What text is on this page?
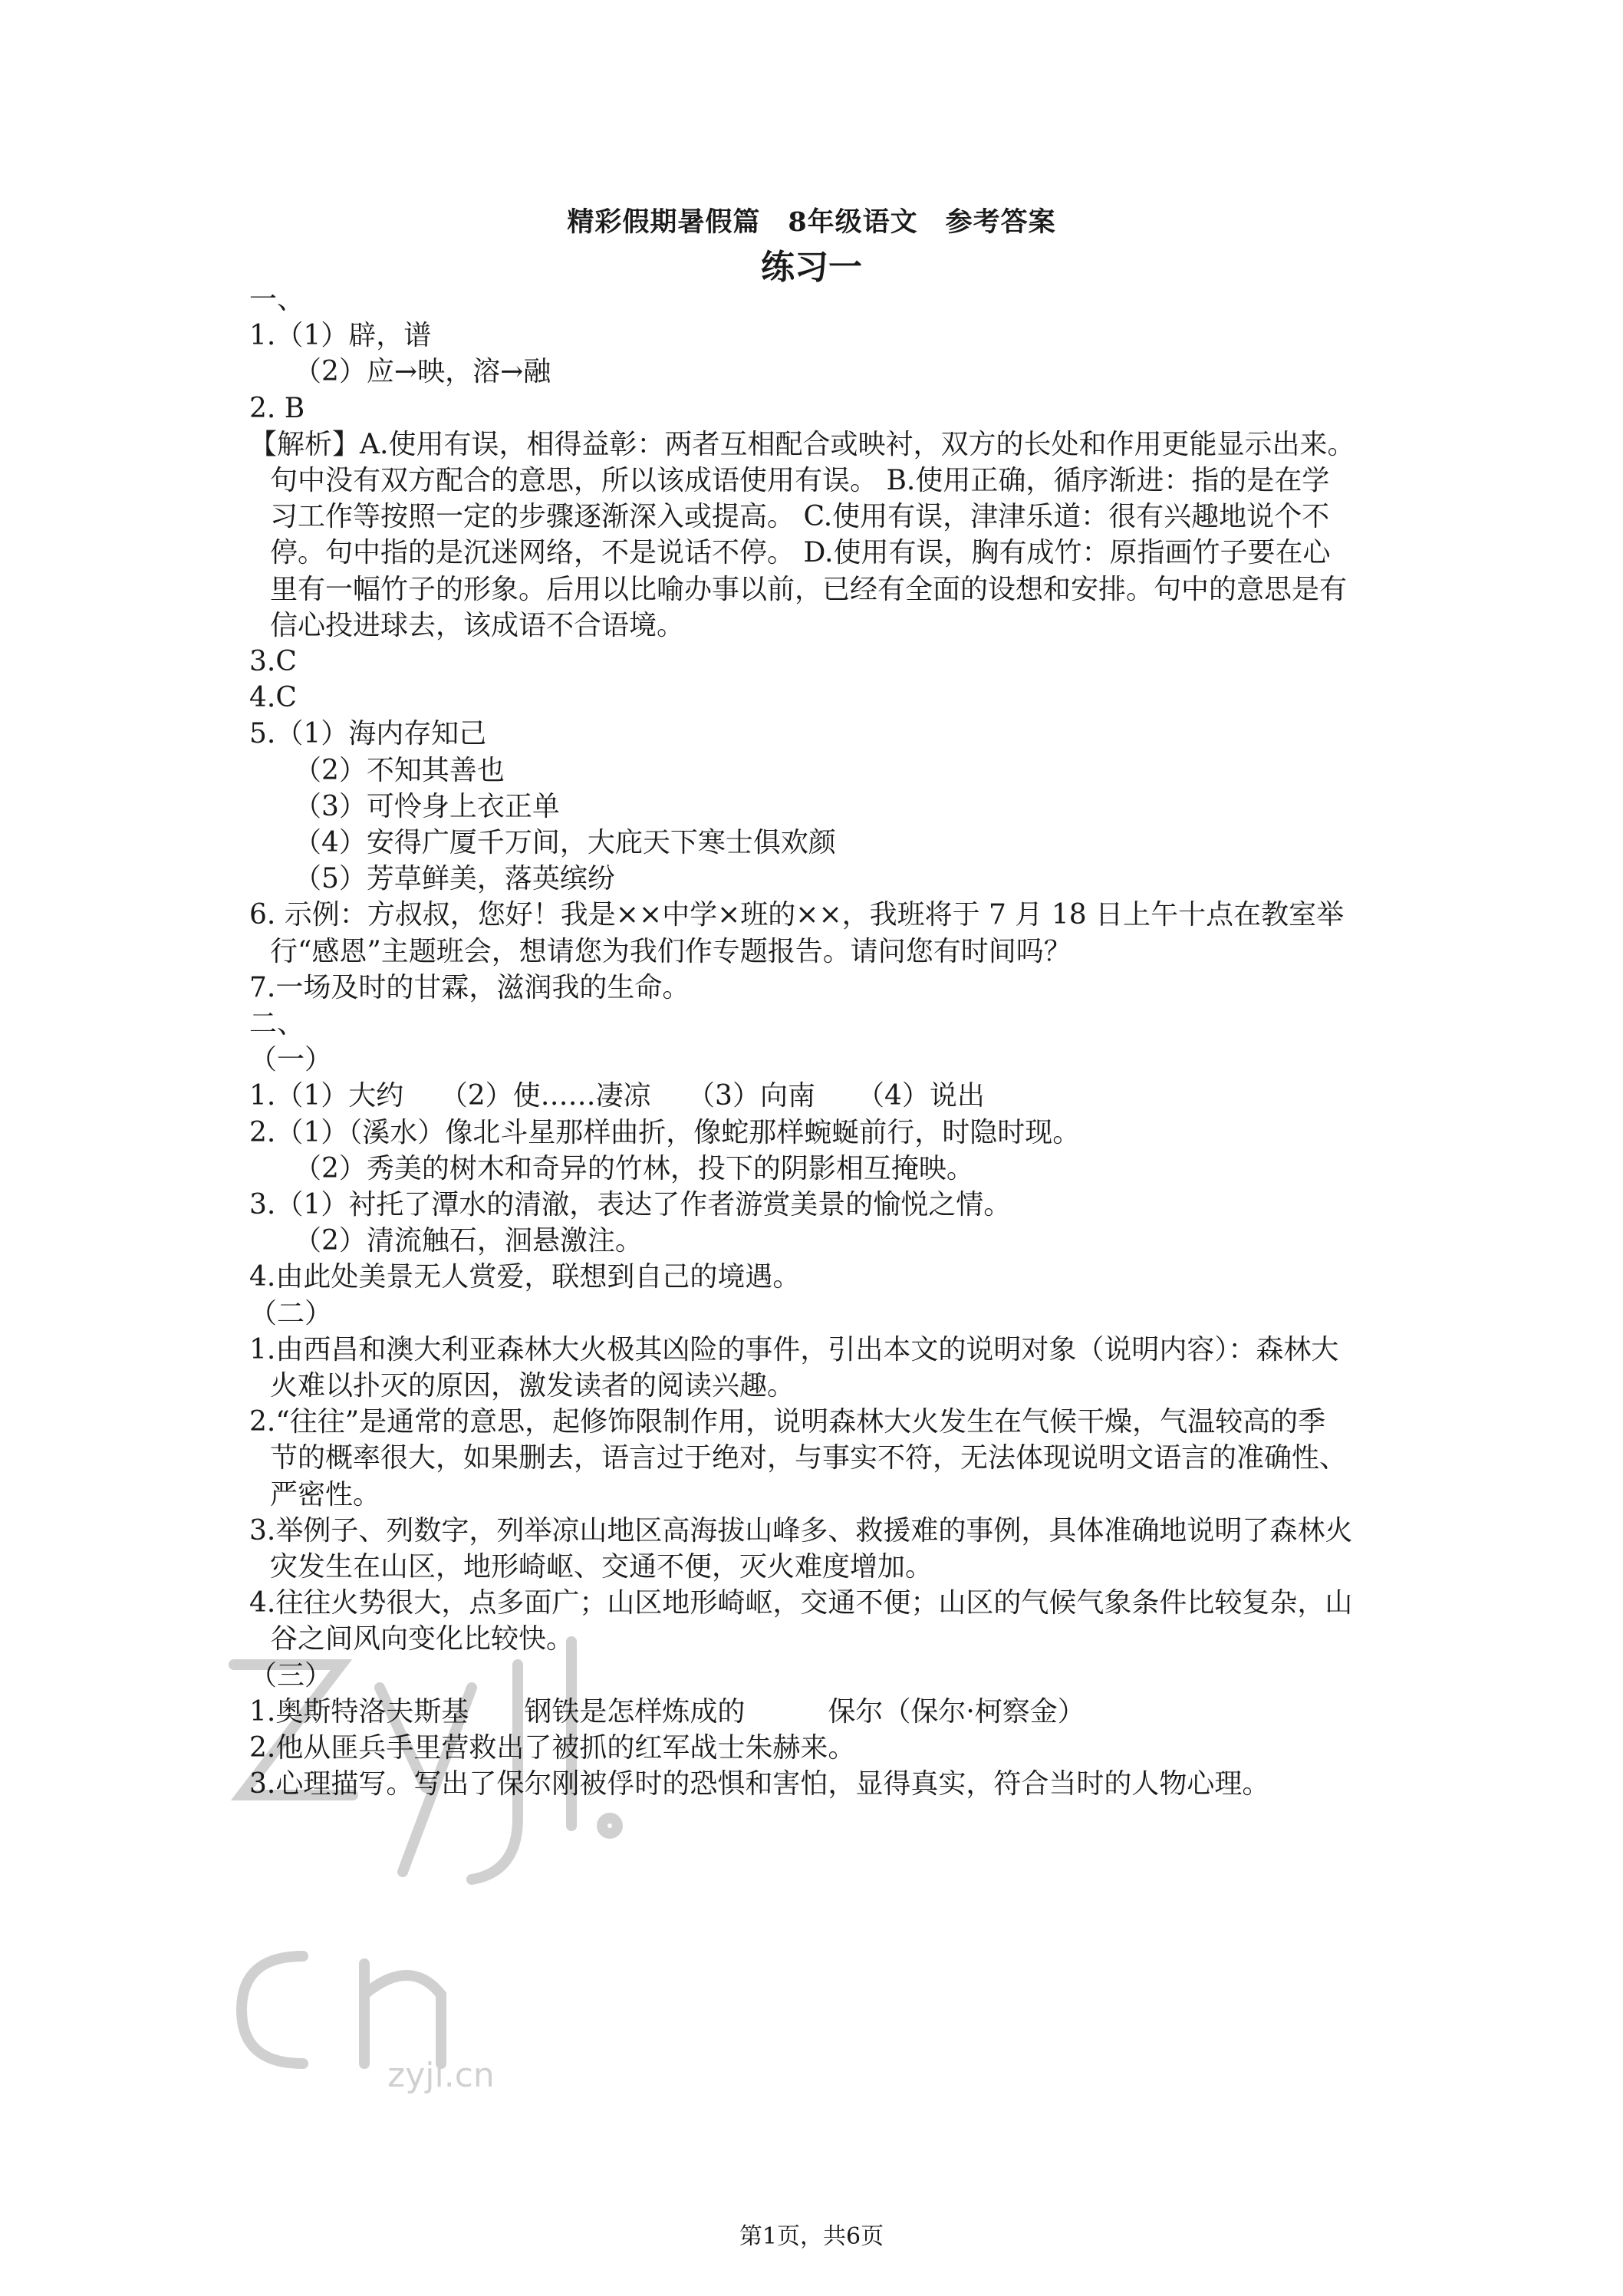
精彩假期暑假篇　8年级语文　参考答案
练习一
一、
1.（1）辟，谱
（2）应→映，溶→融
2. B
【解析】A.使用有误，相得益彰：两者互相配合或映衬，双方的长处和作用更能显示出来。
句中没有双方配合的意思，所以该成语使用有误。 B.使用正确，循序渐进：指的是在学
习工作等按照一定的步骤逐渐深入或提高。 C.使用有误，津津乐道：很有兴趣地说个不
停。句中指的是沉迷网络，不是说话不停。 D.使用有误，胸有成竹：原指画竹子要在心
里有一幅竹子的形象。后用以比喻办事以前，已经有全面的设想和安排。句中的意思是有
信心投进球去，该成语不合语境。
3.C
4.C
5.（1）海内存知己
（2）不知其善也
（3）可怜身上衣正单
（4）安得广厦千万间，大庇天下寒士俱欢颜
（5）芳草鲜美，落英缤纷
6. 示例：方叔叔，您好！我是××中学×班的××，我班将于 7 月 18 日上午十点在教室举
行“感恩”主题班会，想请您为我们作专题报告。请问您有时间吗？
7.一场及时的甘霖，滋润我的生命。
二、
（一）
1.（1）大约　 （2）使……凄凉　 （3）向南　　（4）说出
2.（1）（溪水）像北斗星那样曲折，像蛇那样蜿蜒前行，时隐时现。
（2）秀美的树木和奇异的竹林，投下的阴影相互掩映。
3.（1）衬托了潭水的清澈，表达了作者游赏美景的愉悦之情。
（2）清流触石，洄悬激注。
4.由此处美景无人赏爱，联想到自己的境遇。
（二）
1.由西昌和澳大利亚森林大火极其凶险的事件，引出本文的说明对象（说明内容）：森林大
火难以扑灭的原因，激发读者的阅读兴趣。
2.“往往”是通常的意思，起修饰限制作用，说明森林大火发生在气候干燥，气温较高的季
节的概率很大，如果删去，语言过于绝对，与事实不符，无法体现说明文语言的准确性、
严密性。
3.举例子、列数字，列举凉山地区高海拔山峰多、救援难的事例，具体准确地说明了森林火
灾发生在山区，地形崎岖、交通不便，灭火难度增加。
4.往往火势很大，点多面广；山区地形崎岖，交通不便；山区的气候气象条件比较复杂，山
谷之间风向变化比较快。
（三）
1.奥斯特洛夫斯基　　钢铁是怎样炼成的　　　保尔（保尔·柯察金）
2.他从匪兵手里营救出了被抓的红军战士朱赫来。
3.心理描写。写出了保尔刚被俘时的恐惧和害怕，显得真实，符合当时的人物心理。
zyjl.cn
第1页，共6页
